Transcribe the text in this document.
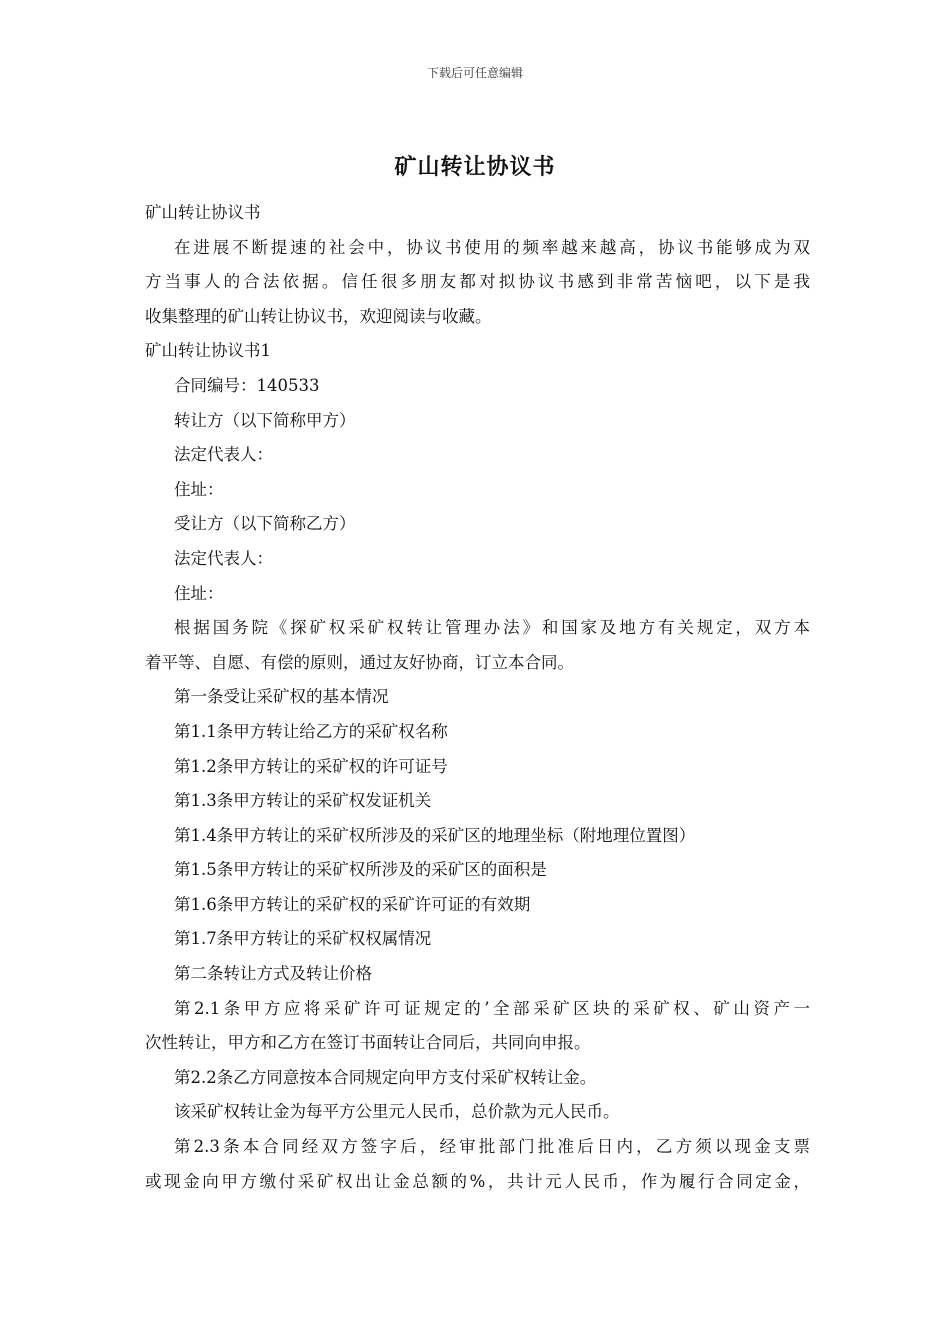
下载后可任意编辑
矿山转让协议书
矿山转让协议书
在进展不断提速的社会中，协议书使用的频率越来越高，协议书能够成为双
方当事人的合法依据。信任很多朋友都对拟协议书感到非常苦恼吧，以下是我
收集整理的矿山转让协议书，欢迎阅读与收藏。
矿山转让协议书1
合同编号：140533
转让方（以下简称甲方）
法定代表人：
住址：
受让方（以下简称乙方）
法定代表人：
住址：
根据国务院《探矿权采矿权转让管理办法》和国家及地方有关规定，双方本
着平等、自愿、有偿的原则，通过友好协商，订立本合同。
第一条受让采矿权的基本情况
第1.1条甲方转让给乙方的采矿权名称
第1.2条甲方转让的采矿权的许可证号
第1.3条甲方转让的采矿权发证机关
第1.4条甲方转让的采矿权所涉及的采矿区的地理坐标（附地理位置图）
第1.5条甲方转让的采矿权所涉及的采矿区的面积是
第1.6条甲方转让的采矿权的采矿许可证的有效期
第1.7条甲方转让的采矿权权属情况
第二条转让方式及转让价格
第2.1条甲方应将采矿许可证规定的’全部采矿区块的采矿权、矿山资产一
次性转让，甲方和乙方在签订书面转让合同后，共同向申报。
第2.2条乙方同意按本合同规定向甲方支付采矿权转让金。
该采矿权转让金为每平方公里元人民币，总价款为元人民币。
第2.3条本合同经双方签字后，经审批部门批准后日内，乙方须以现金支票
或现金向甲方缴付采矿权出让金总额的%，共计元人民币，作为履行合同定金，
